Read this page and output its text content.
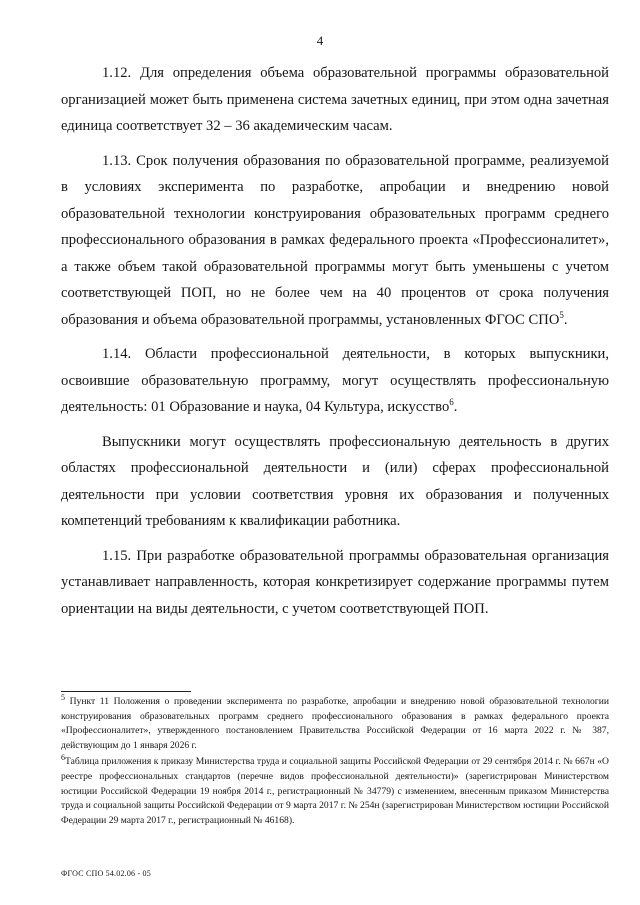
4

1.12. Для определения объема образовательной программы образовательной организацией может быть применена система зачетных единиц, при этом одна зачетная единица соответствует 32 – 36 академическим часам.

1.13. Срок получения образования по образовательной программе, реализуемой в условиях эксперимента по разработке, апробации и внедрению новой образовательной технологии конструирования образовательных программ среднего профессионального образования в рамках федерального проекта «Профессионалитет», а также объем такой образовательной программы могут быть уменьшены с учетом соответствующей ПОП, но не более чем на 40 процентов от срока получения образования и объема образовательной программы, установленных ФГОС СПО$^5$.

1.14. Области профессиональной деятельности, в которых выпускники, освоившие образовательную программу, могут осуществлять профессиональную деятельность: 01 Образование и наука, 04 Культура, искусство$^6$.

Выпускники могут осуществлять профессиональную деятельность в других областях профессиональной деятельности и (или) сферах профессиональной деятельности при условии соответствия уровня их образования и полученных компетенций требованиям к квалификации работника.

1.15. При разработке образовательной программы образовательная организация устанавливает направленность, которая конкретизирует содержание программы путем ориентации на виды деятельности, с учетом соответствующей ПОП.

$^5$ Пункт 11 Положения о проведении эксперимента по разработке, апробации и внедрению новой образовательной технологии конструирования образовательных программ среднего профессионального образования в рамках федерального проекта «Профессионалитет», утвержденного постановлением Правительства Российской Федерации от 16 марта 2022 г. № 387, действующим до 1 января 2026 г.

$^6$Таблица приложения к приказу Министерства труда и социальной защиты Российской Федерации от 29 сентября 2014 г. № 667н «О реестре профессиональных стандартов (перечне видов профессиональной деятельности)» (зарегистрирован Министерством юстиции Российской Федерации 19 ноября 2014 г., регистрационный № 34779) с изменением, внесенным приказом Министерства труда и социальной защиты Российской Федерации от 9 марта 2017 г. № 254н (зарегистрирован Министерством юстиции Российской Федерации 29 марта 2017 г., регистрационный № 46168).

ФГОС СПО 54.02.06 - 05
